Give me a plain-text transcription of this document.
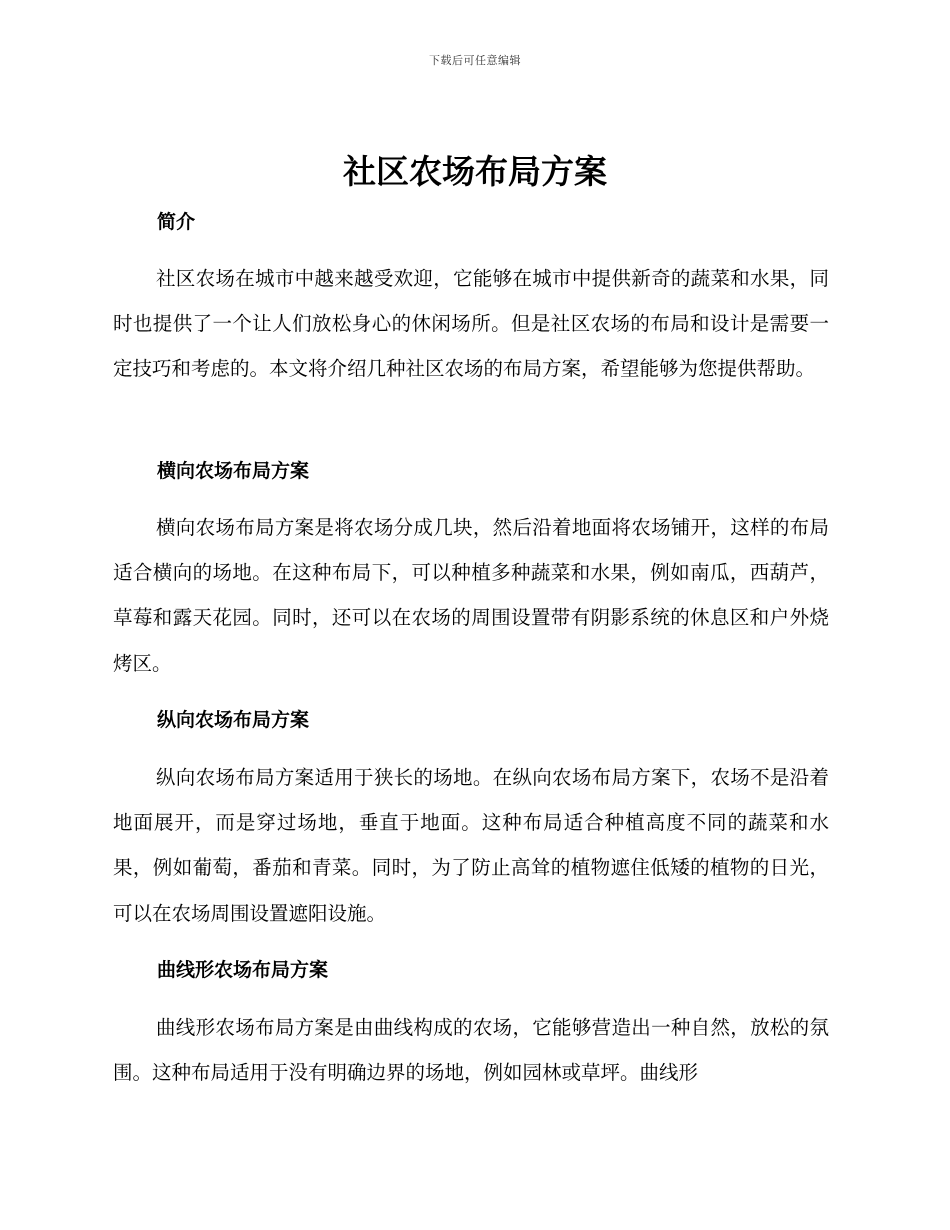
下载后可任意编辑
社区农场布局方案
简介

社区农场在城市中越来越受欢迎，它能够在城市中提供新奇的蔬菜和水果，同时也提供了一个让人们放松身心的休闲场所。但是社区农场的布局和设计是需要一定技巧和考虑的。本文将介绍几种社区农场的布局方案，希望能够为您提供帮助。

横向农场布局方案

横向农场布局方案是将农场分成几块，然后沿着地面将农场铺开，这样的布局适合横向的场地。在这种布局下，可以种植多种蔬菜和水果，例如南瓜，西葫芦，草莓和露天花园。同时，还可以在农场的周围设置带有阴影系统的休息区和户外烧烤区。

纵向农场布局方案

纵向农场布局方案适用于狭长的场地。在纵向农场布局方案下，农场不是沿着地面展开，而是穿过场地，垂直于地面。这种布局适合种植高度不同的蔬菜和水果，例如葡萄，番茄和青菜。同时，为了防止高耸的植物遮住低矮的植物的日光，可以在农场周围设置遮阳设施。

曲线形农场布局方案

曲线形农场布局方案是由曲线构成的农场，它能够营造出一种自然，放松的氛围。这种布局适用于没有明确边界的场地，例如园林或草坪。曲线形
